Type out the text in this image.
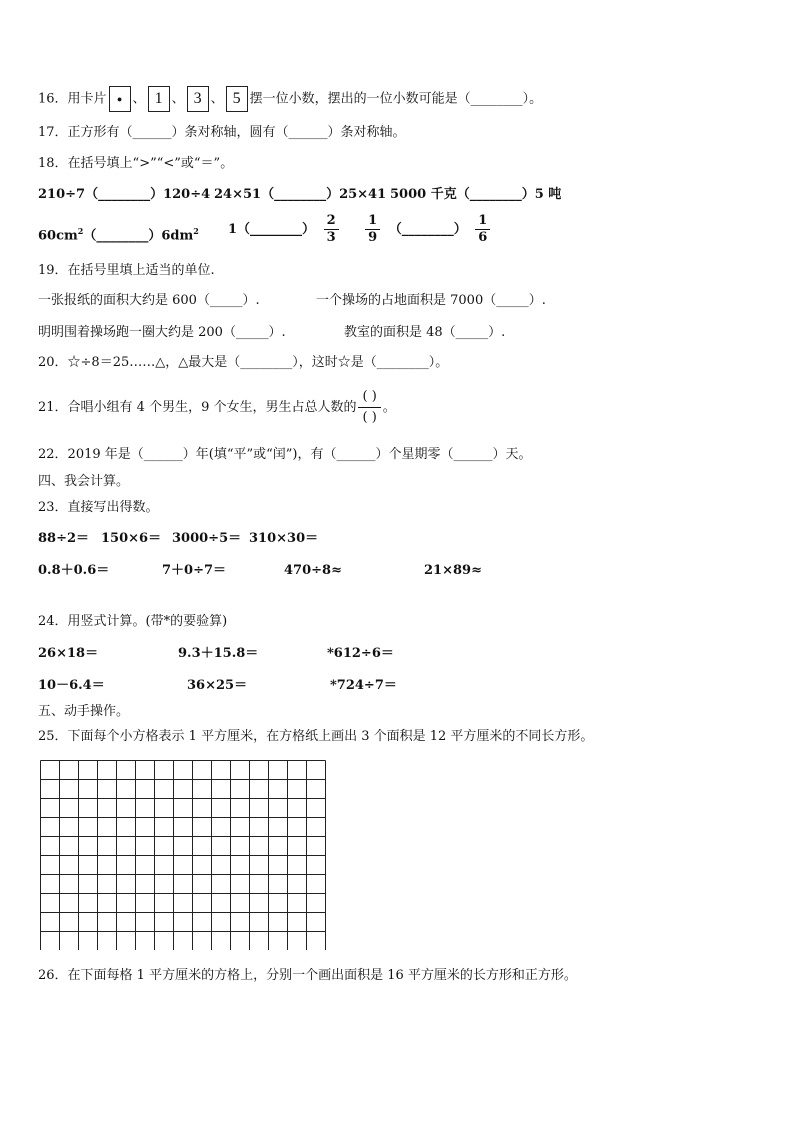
16．用卡片 ● 、 1 、 3 、 5 摆一位小数，摆出的一位小数可能是（________）。
17．正方形有（______）条对称轴，圆有（______）条对称轴。
18．在括号填上“>”“<”或“＝”。
210÷7（________）120÷4 24×51（________）25×41 5000 千克（________）5 吨
$60cm^2(\_\_\_\_\_\_\_\_)6dm^2$ 1（________） $\frac{2}{3}$
$\frac{1}{9}$ （________） $\frac{1}{6}$
19．在括号里填上适当的单位.
一张报纸的面积大约是 600（_____）.	一个操场的占地面积是 7000（_____）.
明明围着操场跑一圈大约是 200（_____）.	教室的面积是 48（_____）.
20．☆÷8＝25……△，△最大是（________），这时☆是（________）。
21．合唱小组有 4 个男生，9 个女生，男生占总人数的
( )
( )
。
22．2019 年是（______）年(填“平”或“闰”)，有（______）个星期零（______）天。
四、我会计算。
23．直接写出得数。
88÷2＝ 150×6＝ 3000÷5＝ 310×30＝
0.8＋0.6＝	7＋0÷7＝	470÷8≈	21×89≈
24．用竖式计算。(带*的要验算)
26×18＝	9.3＋15.8＝	*612÷6＝
10－6.4＝	36×25＝	*724÷7＝
五、动手操作。
25．下面每个小方格表示 1 平方厘米，在方格纸上画出 3 个面积是 12 平方厘米的不同长方形。
26．在下面每格 1 平方厘米的方格上，分别一个画出面积是 16 平方厘米的长方形和正方形。
